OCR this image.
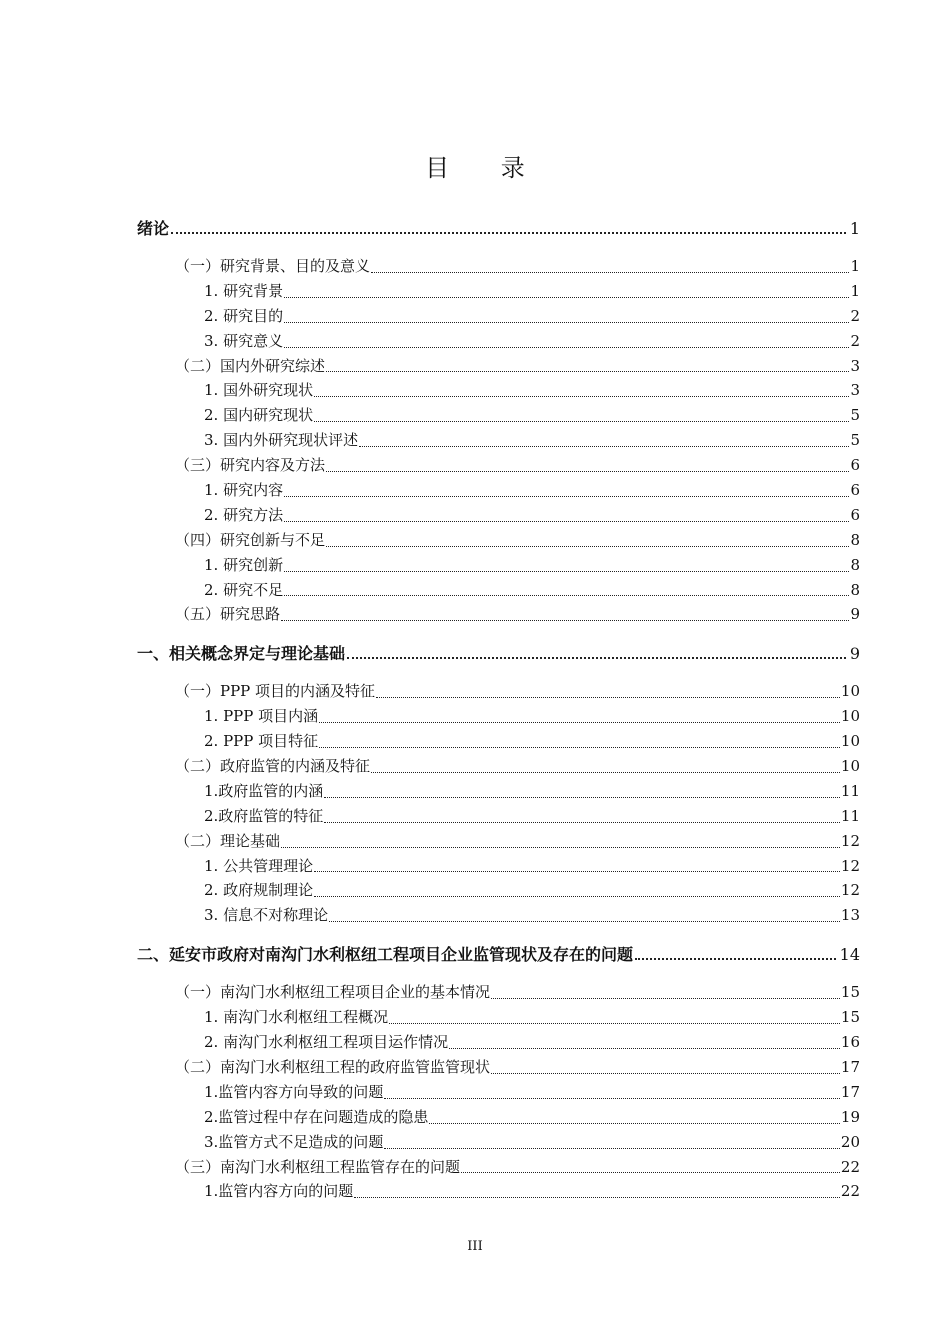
目 录
绪论	1
（一）研究背景、目的及意义	1
1. 研究背景	1
2. 研究目的	2
3. 研究意义	2
（二）国内外研究综述	3
1. 国外研究现状	3
2. 国内研究现状	5
3. 国内外研究现状评述	5
（三）研究内容及方法	6
1. 研究内容	6
2. 研究方法	6
（四）研究创新与不足	8
1. 研究创新	8
2. 研究不足	8
（五）研究思路	9
一、相关概念界定与理论基础	9
（一）PPP 项目的内涵及特征	10
1. PPP 项目内涵	10
2. PPP 项目特征	10
（二）政府监管的内涵及特征	10
1.政府监管的内涵	11
2.政府监管的特征	11
（二）理论基础	12
1. 公共管理理论	12
2. 政府规制理论	12
3. 信息不对称理论	13
二、延安市政府对南沟门水利枢纽工程项目企业监管现状及存在的问题	14
（一）南沟门水利枢纽工程项目企业的基本情况	15
1. 南沟门水利枢纽工程概况	15
2. 南沟门水利枢纽工程项目运作情况	16
（二）南沟门水利枢纽工程的政府监管监管现状	17
1.监管内容方向导致的问题	17
2.监管过程中存在问题造成的隐患	19
3.监管方式不足造成的问题	20
（三）南沟门水利枢纽工程监管存在的问题	22
1.监管内容方向的问题	22
III
